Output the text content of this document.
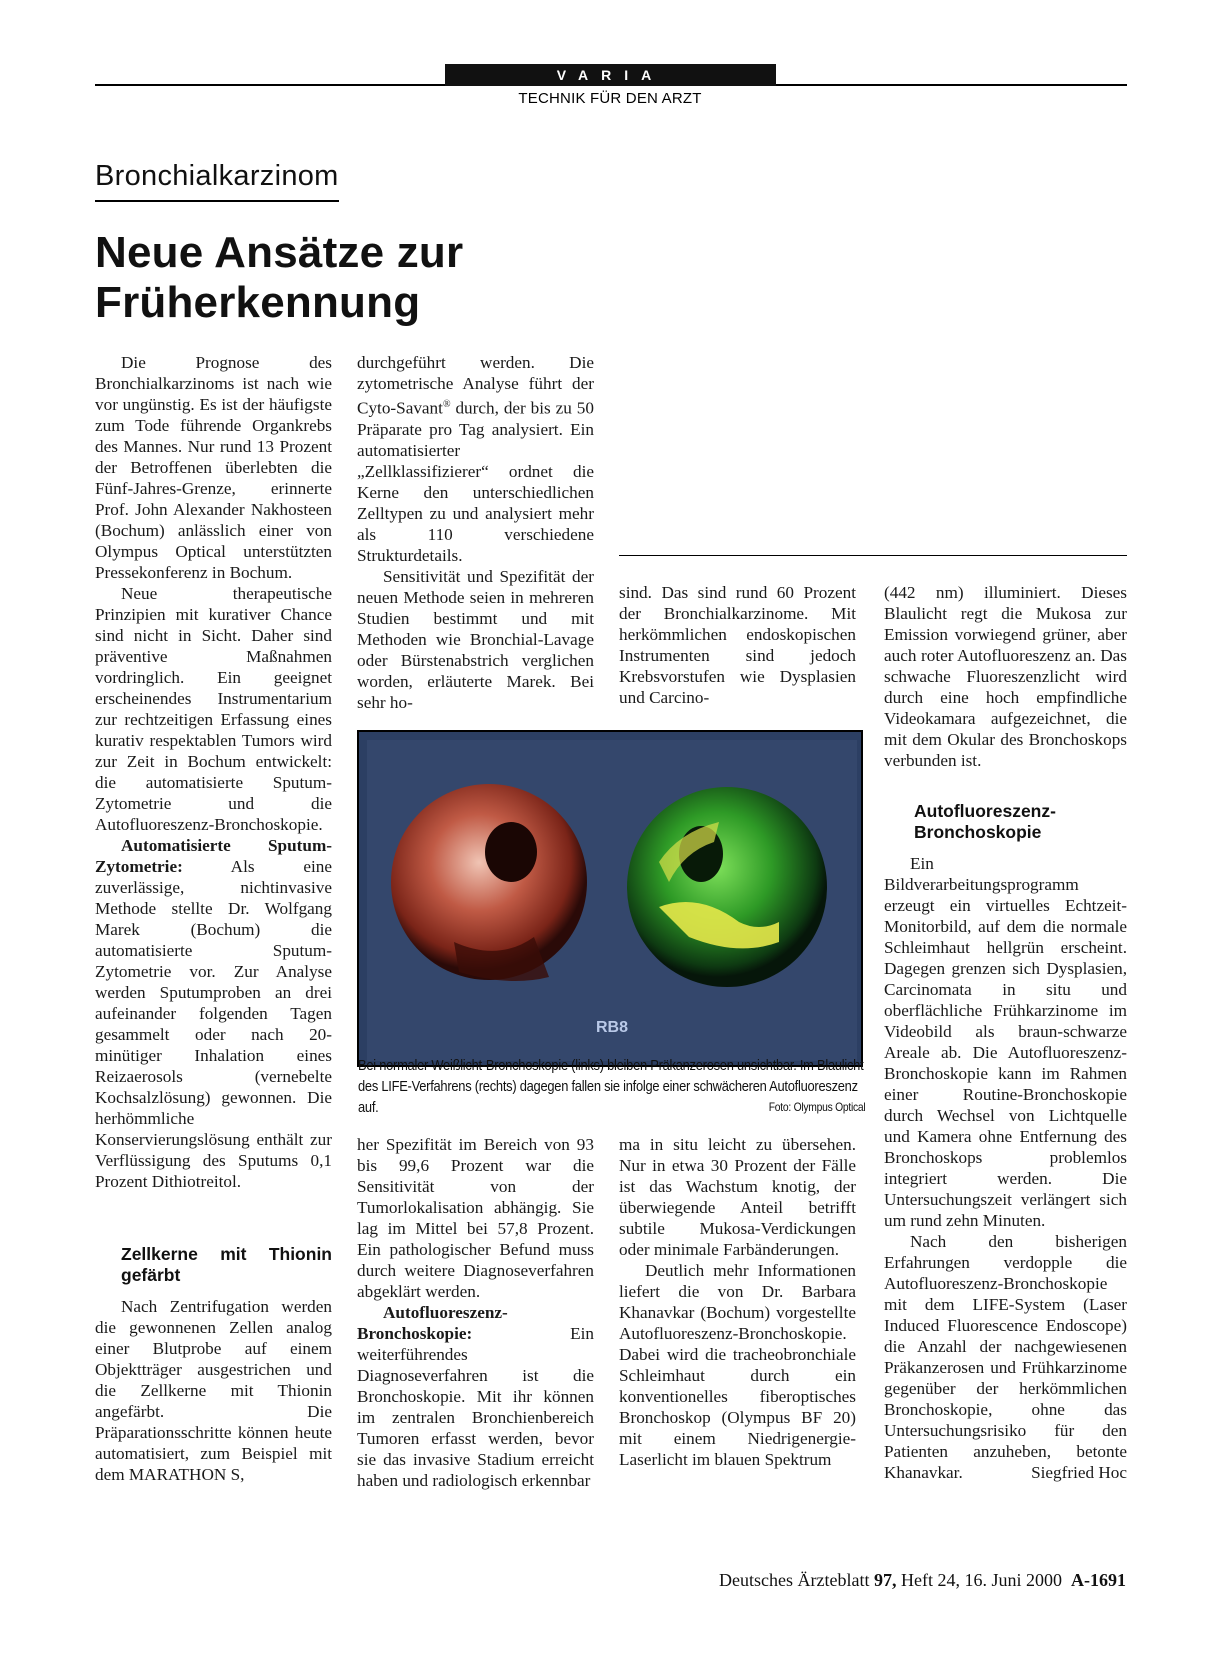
VARIA
TECHNIK FÜR DEN ARZT
Bronchialkarzinom
Neue Ansätze zur
Früherkennung

Die Prognose des Bronchialkarzinoms ist nach wie vor ungünstig. Es ist der häufigste zum Tode führende Organkrebs des Mannes. Nur rund 13 Prozent der Betroffenen überlebten die Fünf-Jahres-Grenze, erinnerte Prof. John Alexander Nakhosteen (Bochum) anlässlich einer von Olympus Optical unterstützten Pressekonferenz in Bochum.

Neue therapeutische Prinzipien mit kurativer Chance sind nicht in Sicht. Daher sind präventive Maßnahmen vordringlich. Ein geeignet erscheinendes Instrumentarium zur rechtzeitigen Erfassung eines kurativ respektablen Tumors wird zur Zeit in Bochum entwickelt: die automatisierte Sputum-Zytometrie und die Autofluoreszenz-Bronchoskopie.

Automatisierte Sputum-Zytometrie: Als eine zuverlässige, nichtinvasive Methode stellte Dr. Wolfgang Marek (Bochum) die automatisierte Sputum-Zytometrie vor. Zur Analyse werden Sputumproben an drei aufeinander folgenden Tagen gesammelt oder nach 20-minütiger Inhalation eines Reizaerosols (vernebelte Kochsalzlösung) gewonnen. Die herhömmliche Konservierungslösung enthält zur Verflüssigung des Sputums 0,1 Prozent Dithiotreitol.

Zellkerne mit Thionin gefärbt

Nach Zentrifugation werden die gewonnenen Zellen analog einer Blutprobe auf einem Objektträger ausgestrichen und die Zellkerne mit Thionin angefärbt. Die Präparationsschritte können heute automatisiert, zum Beispiel mit dem MARATHON S,

durchgeführt werden. Die zytometrische Analyse führt der Cyto-Savant® durch, der bis zu 50 Präparate pro Tag analysiert. Ein automatisierter „Zellklassifizierer“ ordnet die Kerne den unterschiedlichen Zelltypen zu und analysiert mehr als 110 verschiedene Strukturdetails.

Sensitivität und Spezifität der neuen Methode seien in mehreren Studien bestimmt und mit Methoden wie Bronchial-Lavage oder Bürstenabstrich verglichen worden, erläuterte Marek. Bei sehr ho-

sind. Das sind rund 60 Prozent der Bronchialkarzinome. Mit herkömmlichen endoskopischen Instrumenten sind jedoch Krebsvorstufen wie Dysplasien und Carcino-

(442 nm) illuminiert. Dieses Blaulicht regt die Mukosa zur Emission vorwiegend grüner, aber auch roter Autofluoreszenz an. Das schwache Fluoreszenzlicht wird durch eine hoch empfindliche Videokamara aufgezeichnet, die mit dem Okular des Bronchoskops verbunden ist.

Autofluoreszenz-Bronchoskopie

Ein Bildverarbeitungsprogramm erzeugt ein virtuelles Echtzeit-Monitorbild, auf dem die normale Schleimhaut hellgrün erscheint. Dagegen grenzen sich Dysplasien, Carcinomata in situ und oberflächliche Frühkarzinome im Videobild als braun-schwarze Areale ab. Die Autofluoreszenz-Bronchoskopie kann im Rahmen einer Routine-Bronchoskopie durch Wechsel von Lichtquelle und Kamera ohne Entfernung des Bronchoskops problemlos integriert werden. Die Untersuchungszeit verlängert sich um rund zehn Minuten.

Nach den bisherigen Erfahrungen verdopple die Autofluoreszenz-Bronchoskopie mit dem LIFE-System (Laser Induced Fluorescence Endoscope) die Anzahl der nachgewiesenen Präkanzerosen und Frühkarzinome gegenüber der herkömmlichen Bronchoskopie, ohne das Untersuchungsrisiko für den Patienten anzuheben, betonte Khanavkar.	Siegfried Hoc

RB8
Bei normaler Weißlicht-Bronchoskopie (links) bleiben Präkanzerosen unsichtbar. Im Blaulicht des LIFE-Verfahrens (rechts) dagegen fallen sie infolge einer schwächeren Autofluoreszenz auf.	Foto: Olympus Optical

her Spezifität im Bereich von 93 bis 99,6 Prozent war die Sensitivität von der Tumorlokalisation abhängig. Sie lag im Mittel bei 57,8 Prozent. Ein pathologischer Befund muss durch weitere Diagnoseverfahren abgeklärt werden.

Autofluoreszenz-Bronchoskopie: Ein weiterführendes Diagnoseverfahren ist die Bronchoskopie. Mit ihr können im zentralen Bronchienbereich Tumoren erfasst werden, bevor sie das invasive Stadium erreicht haben und radiologisch erkennbar

ma in situ leicht zu übersehen. Nur in etwa 30 Prozent der Fälle ist das Wachstum knotig, der überwiegende Anteil betrifft subtile Mukosa-Verdickungen oder minimale Farbänderungen.

Deutlich mehr Informationen liefert die von Dr. Barbara Khanavkar (Bochum) vorgestellte Autofluoreszenz-Bronchoskopie. Dabei wird die tracheobronchiale Schleimhaut durch ein konventionelles fiberoptisches Bronchoskop (Olympus BF 20) mit einem Niedrigenergie-Laserlicht im blauen Spektrum

Deutsches Ärzteblatt 97, Heft 24, 16. Juni 2000 A-1691
